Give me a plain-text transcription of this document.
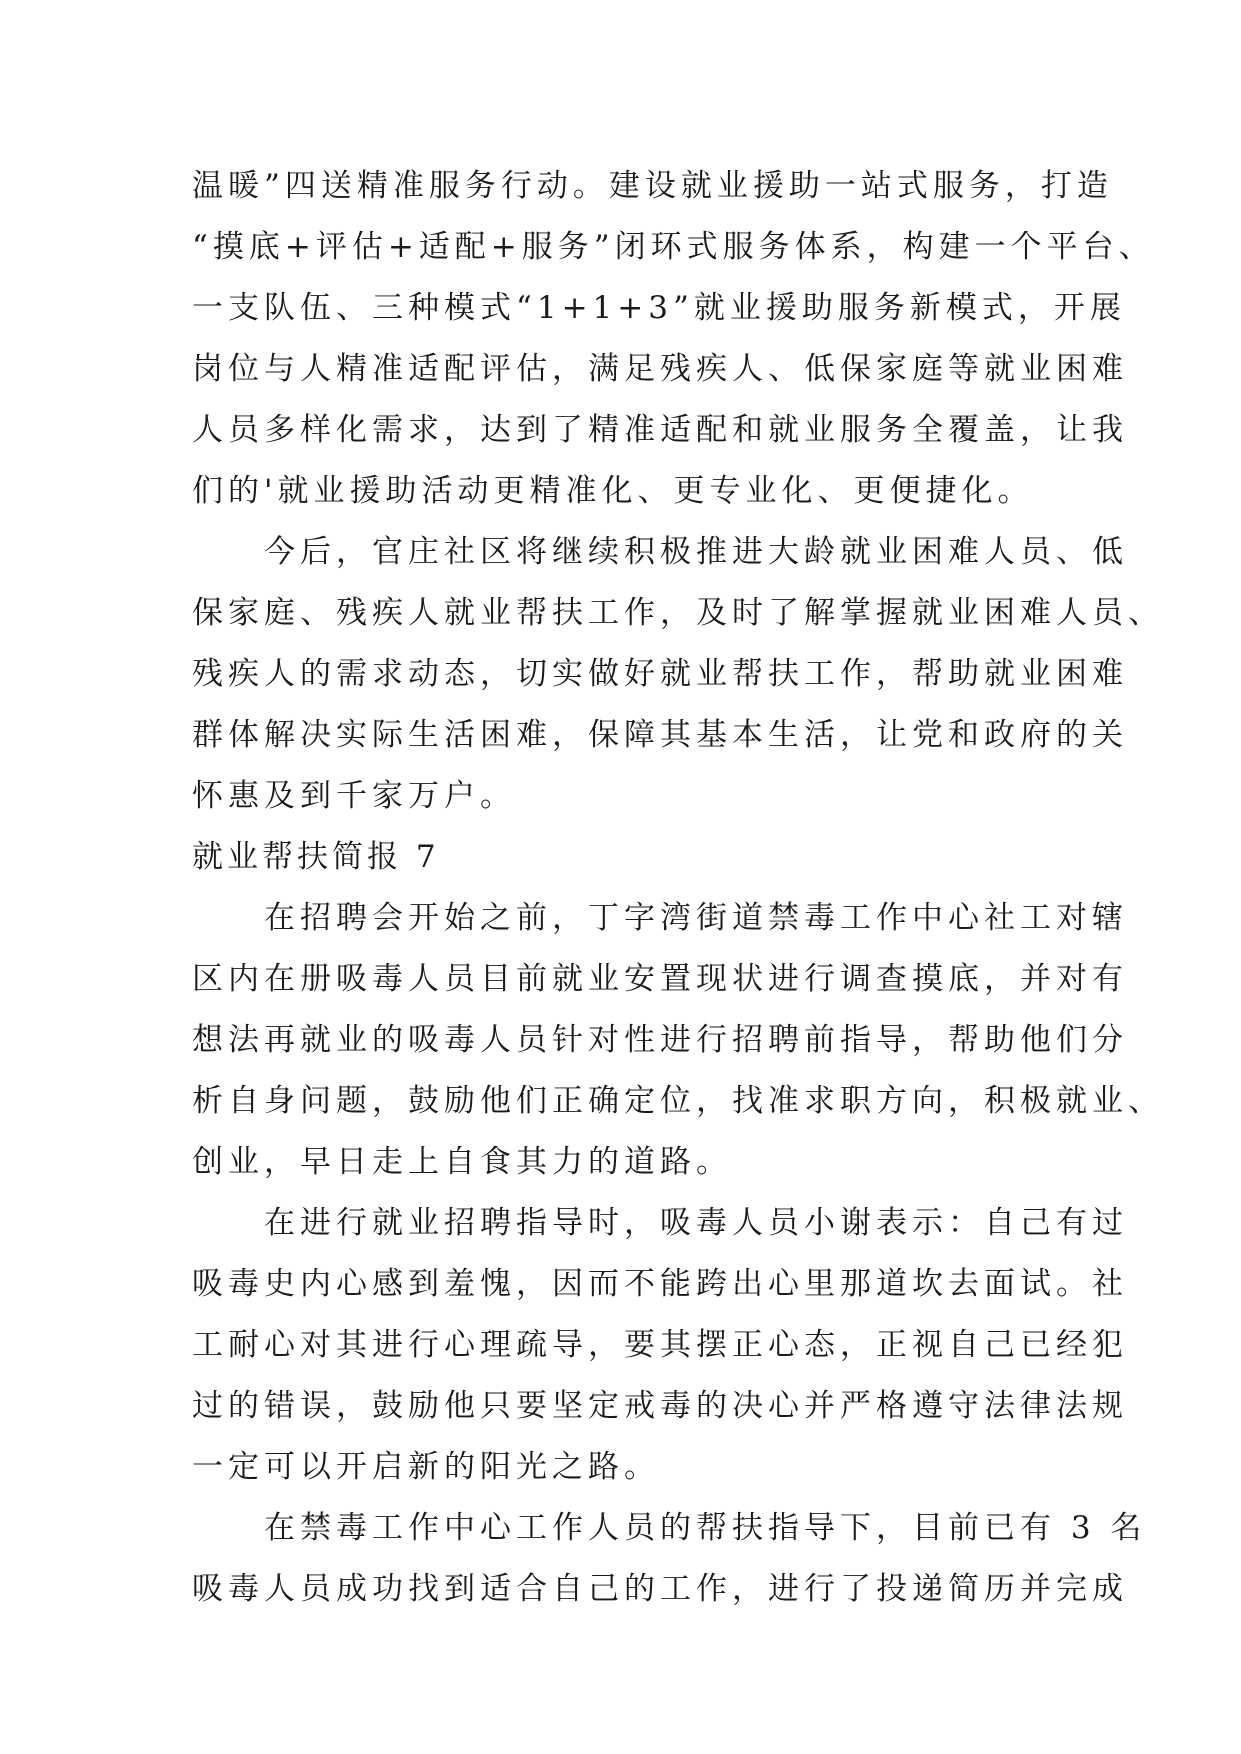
温暖”四送精准服务行动。建设就业援助一站式服务，打造
“摸底+评估+适配+服务”闭环式服务体系，构建一个平台、
一支队伍、三种模式“1+1+3”就业援助服务新模式，开展
岗位与人精准适配评估，满足残疾人、低保家庭等就业困难
人员多样化需求，达到了精准适配和就业服务全覆盖，让我
们的'就业援助活动更精准化、更专业化、更便捷化。
今后，官庄社区将继续积极推进大龄就业困难人员、低
保家庭、残疾人就业帮扶工作，及时了解掌握就业困难人员、
残疾人的需求动态，切实做好就业帮扶工作，帮助就业困难
群体解决实际生活困难，保障其基本生活，让党和政府的关
怀惠及到千家万户。
就业帮扶简报 7
在招聘会开始之前，丁字湾街道禁毒工作中心社工对辖
区内在册吸毒人员目前就业安置现状进行调查摸底，并对有
想法再就业的吸毒人员针对性进行招聘前指导，帮助他们分
析自身问题，鼓励他们正确定位，找准求职方向，积极就业、
创业，早日走上自食其力的道路。
在进行就业招聘指导时，吸毒人员小谢表示：自己有过
吸毒史内心感到羞愧，因而不能跨出心里那道坎去面试。社
工耐心对其进行心理疏导，要其摆正心态，正视自己已经犯
过的错误，鼓励他只要坚定戒毒的决心并严格遵守法律法规
一定可以开启新的阳光之路。
在禁毒工作中心工作人员的帮扶指导下，目前已有 3 名
吸毒人员成功找到适合自己的工作，进行了投递简历并完成
